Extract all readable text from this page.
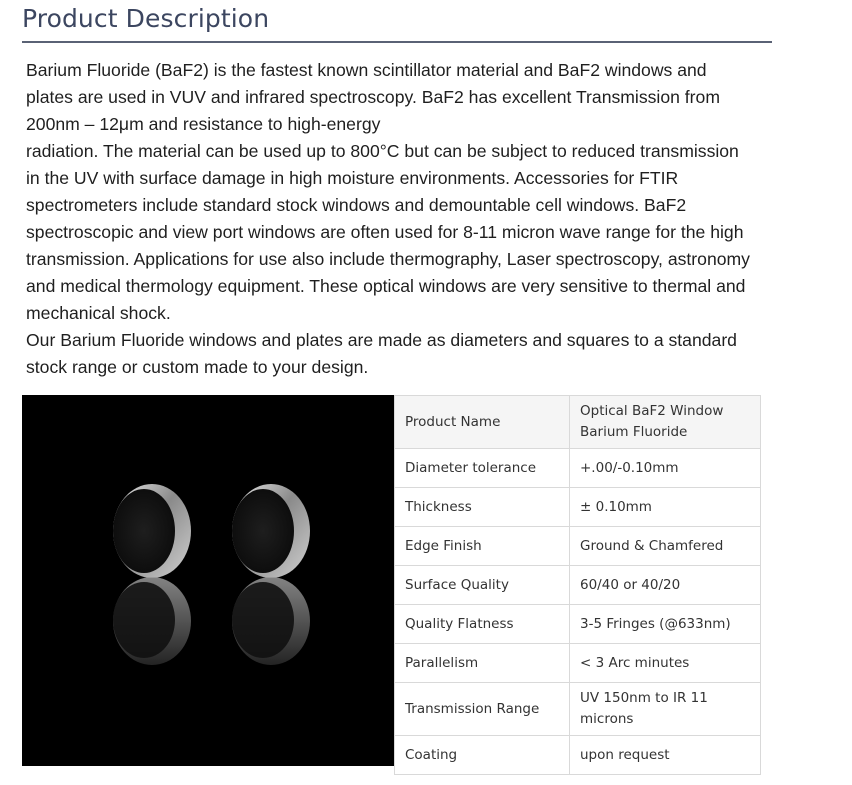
Product Description

Barium Fluoride (BaF2) is the fastest known scintillator material and BaF2 windows and

plates are used in VUV and infrared spectroscopy. BaF2 has excellent Transmission from

200nm – 12μm and resistance to high-energy

radiation. The material can be used up to 800°C but can be subject to reduced transmission

in the UV with surface damage in high moisture environments. Accessories for FTIR

spectrometers include standard stock windows and demountable cell windows. BaF2

spectroscopic and view port windows are often used for 8-11 micron wave range for the high

transmission. Applications for use also include thermography, Laser spectroscopy, astronomy

and medical thermology equipment. These optical windows are very sensitive to thermal and

mechanical shock.

Our Barium Fluoride windows and plates are made as diameters and squares to a standard

stock range or custom made to your design.

Product Name	Optical BaF2 Window
Barium Fluoride

Diameter tolerance	+.00/-0.10mm
Thickness	± 0.10mm
Edge Finish	Ground & Chamfered
Surface Quality	60/40 or 40/20
Quality Flatness	3-5 Fringes (@633nm)
Parallelism	< 3 Arc minutes
Transmission Range	UV 150nm to IR 11
microns

Coating	upon request
